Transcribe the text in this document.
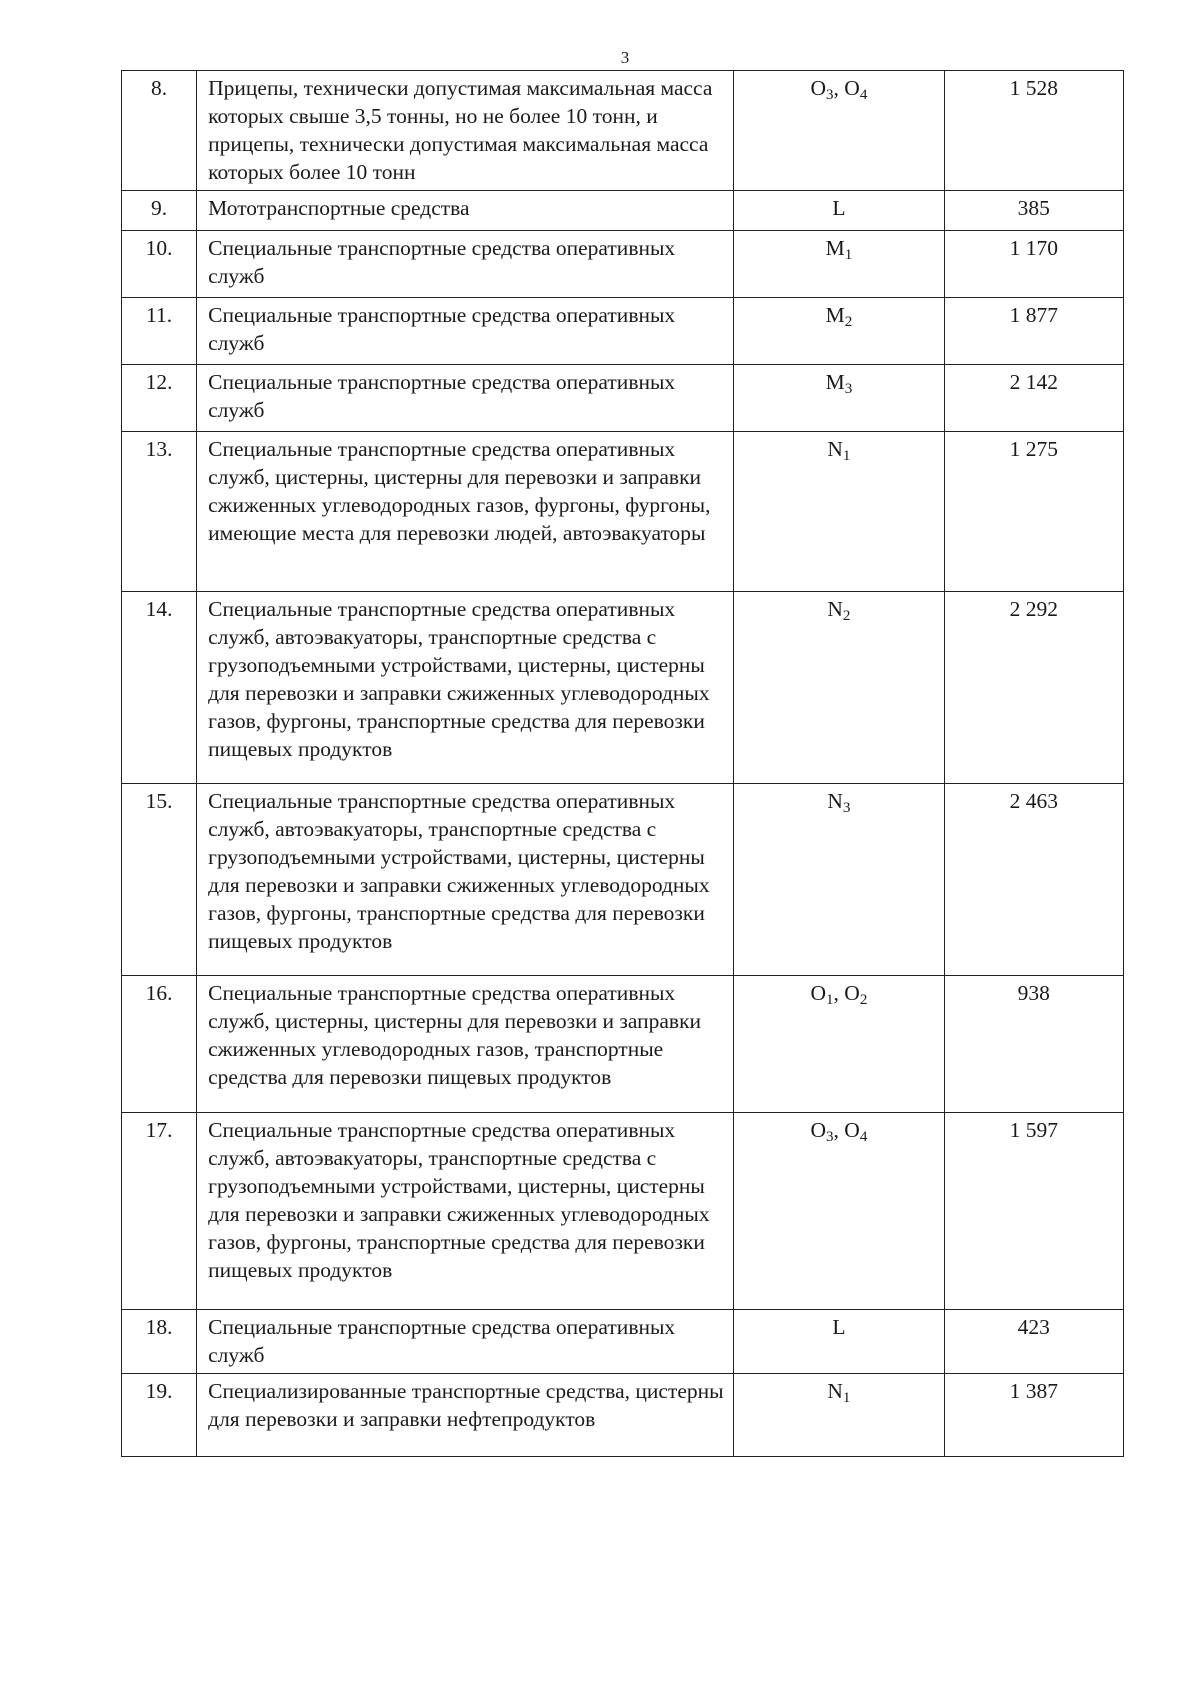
3
8.	Прицепы, технически допустимая максимальная масса которых свыше 3,5 тонны, но не более 10 тонн, и прицепы, технически допустимая максимальная масса которых более 10 тонн	$O_3$, $O_4$	1 528
9.	Мототранспортные средства	L	385
10.	Специальные транспортные средства оперативных служб	$M_1$	1 170
11.	Специальные транспортные средства оперативных служб	$M_2$	1 877
12.	Специальные транспортные средства оперативных служб	$M_3$	2 142
13.	Специальные транспортные средства оперативных служб, цистерны, цистерны для перевозки и заправки сжиженных углеводородных газов, фургоны, фургоны, имеющие места для перевозки людей, автоэвакуаторы	$N_1$	1 275
14.	Специальные транспортные средства оперативных служб, автоэвакуаторы, транспортные средства с грузоподъемными устройствами, цистерны, цистерны для перевозки и заправки сжиженных углеводородных газов, фургоны, транспортные средства для перевозки пищевых продуктов	$N_2$	2 292
15.	Специальные транспортные средства оперативных служб, автоэвакуаторы, транспортные средства с грузоподъемными устройствами, цистерны, цистерны для перевозки и заправки сжиженных углеводородных газов, фургоны, транспортные средства для перевозки пищевых продуктов	$N_3$	2 463
16.	Специальные транспортные средства оперативных служб, цистерны, цистерны для перевозки и заправки сжиженных углеводородных газов, транспортные средства для перевозки пищевых продуктов	$O_1$, $O_2$	938
17.	Специальные транспортные средства оперативных служб, автоэвакуаторы, транспортные средства с грузоподъемными устройствами, цистерны, цистерны для перевозки и заправки сжиженных углеводородных газов, фургоны, транспортные средства для перевозки пищевых продуктов	$O_3$, $O_4$	1 597
18.	Специальные транспортные средства оперативных служб	L	423
19.	Специализированные транспортные средства, цистерны для перевозки и заправки нефтепродуктов	$N_1$	1 387
